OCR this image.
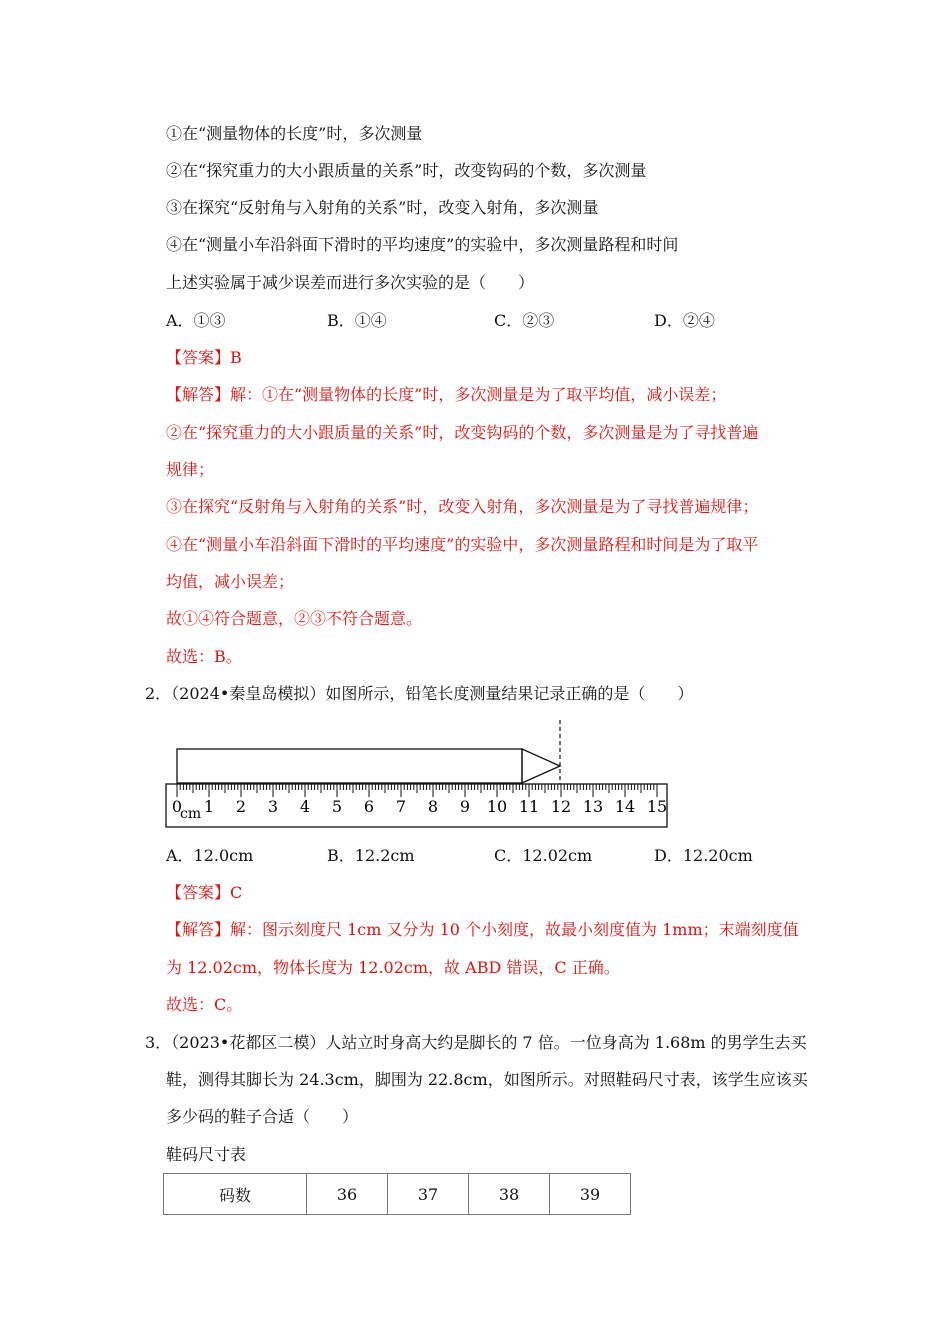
①在“测量物体的长度”时，多次测量
②在“探究重力的大小跟质量的关系”时，改变钩码的个数，多次测量
③在探究“反射角与入射角的关系”时，改变入射角，多次测量
④在“测量小车沿斜面下滑时的平均速度”的实验中，多次测量路程和时间
上述实验属于减少误差而进行多次实验的是（　　）
A．①③	B．①④	C．②③	D．②④
【答案】B
【解答】解：①在“测量物体的长度”时，多次测量是为了取平均值，减小误差；
②在“探究重力的大小跟质量的关系”时，改变钩码的个数，多次测量是为了寻找普遍
规律；
③在探究“反射角与入射角的关系”时，改变入射角，多次测量是为了寻找普遍规律；
④在“测量小车沿斜面下滑时的平均速度”的实验中，多次测量路程和时间是为了取平
均值，减小误差；
故①④符合题意，②③不符合题意。
故选：B。
2．（2024•秦皇岛模拟）如图所示，铅笔长度测量结果记录正确的是（　　）
0 1 2 3 4 5 6 7 8 9 10 11 12 13 14 15
cm
A．12.0cm	B．12.2cm	C．12.02cm	D．12.20cm
【答案】C
【解答】解：图示刻度尺 1cm 又分为 10 个小刻度，故最小刻度值为 1mm；末端刻度值
为 12.02cm，物体长度为 12.02cm，故 ABD 错误，C 正确。
故选：C。
3．（2023•花都区二模）人站立时身高大约是脚长的 7 倍。一位身高为 1.68m 的男学生去买
鞋，测得其脚长为 24.3cm，脚围为 22.8cm，如图所示。对照鞋码尺寸表，该学生应该买
多少码的鞋子合适（　　）
鞋码尺寸表
码数	36	37	38	39
